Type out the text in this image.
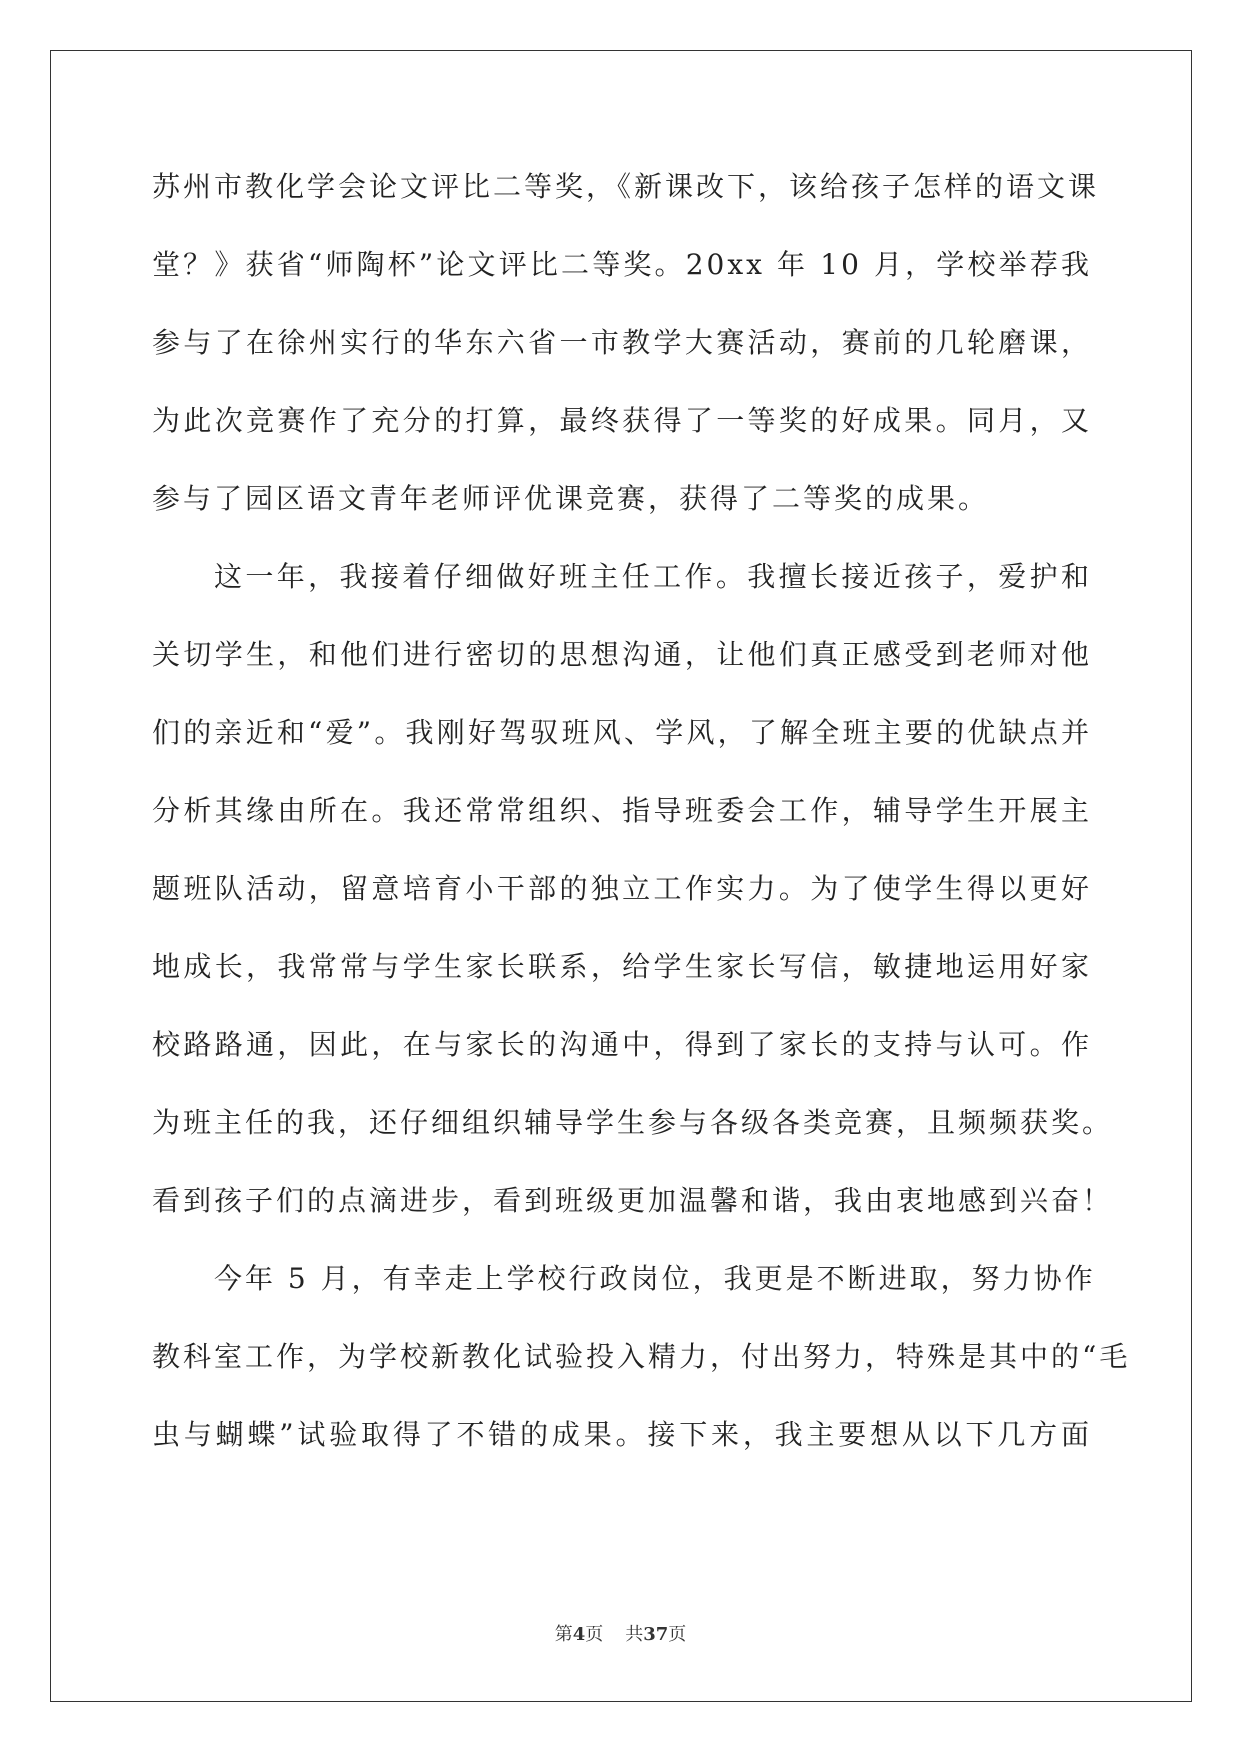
苏州市教化学会论文评比二等奖，《新课改下，该给孩子怎样的语文课
堂？》获省“师陶杯”论文评比二等奖。20xx 年 10 月，学校举荐我
参与了在徐州实行的华东六省一市教学大赛活动，赛前的几轮磨课，
为此次竞赛作了充分的打算，最终获得了一等奖的好成果。同月，又
参与了园区语文青年老师评优课竞赛，获得了二等奖的成果。
这一年，我接着仔细做好班主任工作。我擅长接近孩子，爱护和
关切学生，和他们进行密切的思想沟通，让他们真正感受到老师对他
们的亲近和“爱”。我刚好驾驭班风、学风，了解全班主要的优缺点并
分析其缘由所在。我还常常组织、指导班委会工作，辅导学生开展主
题班队活动，留意培育小干部的独立工作实力。为了使学生得以更好
地成长，我常常与学生家长联系，给学生家长写信，敏捷地运用好家
校路路通，因此，在与家长的沟通中，得到了家长的支持与认可。作
为班主任的我，还仔细组织辅导学生参与各级各类竞赛，且频频获奖。
看到孩子们的点滴进步，看到班级更加温馨和谐，我由衷地感到兴奋！
今年 5 月，有幸走上学校行政岗位，我更是不断进取，努力协作
教科室工作，为学校新教化试验投入精力，付出努力，特殊是其中的“毛
虫与蝴蝶”试验取得了不错的成果。接下来，我主要想从以下几方面
第4页 共37页
